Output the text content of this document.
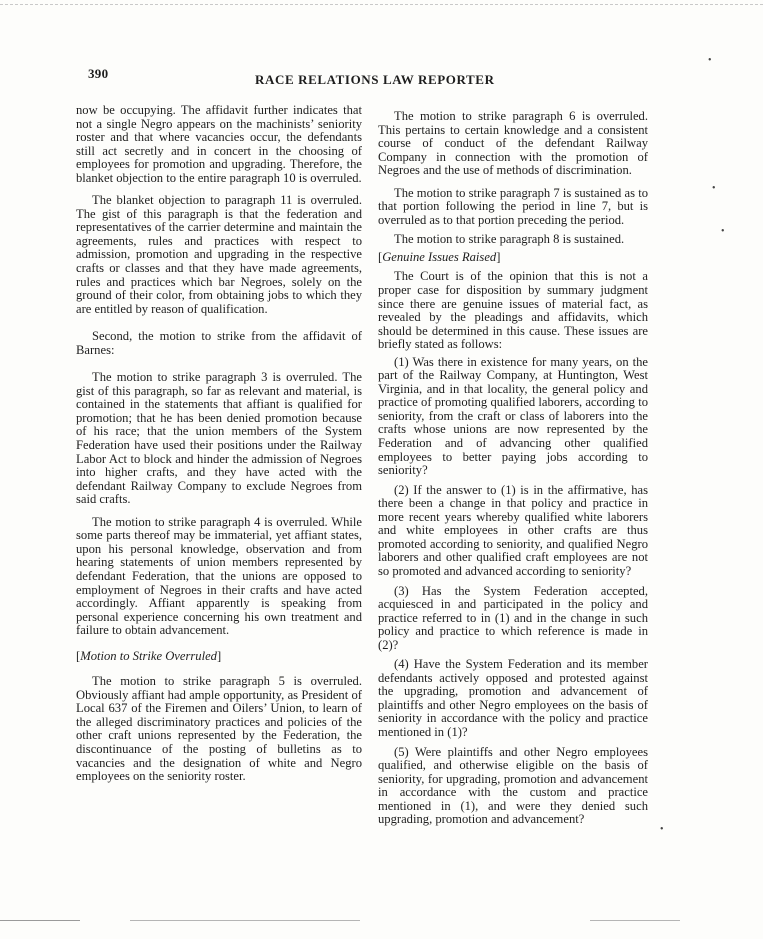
390	RACE RELATIONS LAW REPORTER

now be occupying. The affidavit further indicates that not a single Negro appears on the machinists’ seniority roster and that where vacancies occur, the defendants still act secretly and in concert in the choosing of employees for promotion and upgrading. Therefore, the blanket objection to the entire paragraph 10 is overruled.

The blanket objection to paragraph 11 is overruled. The gist of this paragraph is that the federation and representatives of the carrier determine and maintain the agreements, rules and practices with respect to admission, promotion and upgrading in the respective crafts or classes and that they have made agreements, rules and practices which bar Negroes, solely on the ground of their color, from obtaining jobs to which they are entitled by reason of qualification.

Second, the motion to strike from the affidavit of Barnes:

The motion to strike paragraph 3 is overruled. The gist of this paragraph, so far as relevant and material, is contained in the statements that affiant is qualified for promotion; that he has been denied promotion because of his race; that the union members of the System Federation have used their positions under the Railway Labor Act to block and hinder the admission of Negroes into higher crafts, and they have acted with the defendant Railway Company to exclude Negroes from said crafts.

The motion to strike paragraph 4 is overruled. While some parts thereof may be immaterial, yet affiant states, upon his personal knowledge, observation and from hearing statements of union members represented by defendant Federation, that the unions are opposed to employment of Negroes in their crafts and have acted accordingly. Affiant apparently is speaking from personal experience concerning his own treatment and failure to obtain advancement.

[Motion to Strike Overruled]

The motion to strike paragraph 5 is overruled. Obviously affiant had ample opportunity, as President of Local 637 of the Firemen and Oilers’ Union, to learn of the alleged discriminatory practices and policies of the other craft unions represented by the Federation, the discontinuance of the posting of bulletins as to vacancies and the designation of white and Negro employees on the seniority roster.

The motion to strike paragraph 6 is overruled. This pertains to certain knowledge and a consistent course of conduct of the defendant Railway Company in connection with the promotion of Negroes and the use of methods of discrimination.

The motion to strike paragraph 7 is sustained as to that portion following the period in line 7, but is overruled as to that portion preceding the period.

The motion to strike paragraph 8 is sustained.

[Genuine Issues Raised]

The Court is of the opinion that this is not a proper case for disposition by summary judgment since there are genuine issues of material fact, as revealed by the pleadings and affidavits, which should be determined in this cause. These issues are briefly stated as follows:

(1) Was there in existence for many years, on the part of the Railway Company, at Huntington, West Virginia, and in that locality, the general policy and practice of promoting qualified laborers, according to seniority, from the craft or class of laborers into the crafts whose unions are now represented by the Federation and of advancing other qualified employees to better paying jobs according to seniority?

(2) If the answer to (1) is in the affirmative, has there been a change in that policy and practice in more recent years whereby qualified white laborers and white employees in other crafts are thus promoted according to seniority, and qualified Negro laborers and other qualified craft employees are not so promoted and advanced according to seniority?

(3) Has the System Federation accepted, acquiesced in and participated in the policy and practice referred to in (1) and in the change in such policy and practice to which reference is made in (2)?

(4) Have the System Federation and its member defendants actively opposed and protested against the upgrading, promotion and advancement of plaintiffs and other Negro employees on the basis of seniority in accordance with the policy and practice mentioned in (1)?

(5) Were plaintiffs and other Negro employees qualified, and otherwise eligible on the basis of seniority, for upgrading, promotion and advancement in accordance with the custom and practice mentioned in (1), and were they denied such upgrading, promotion and advancement?

•
•
•
•
